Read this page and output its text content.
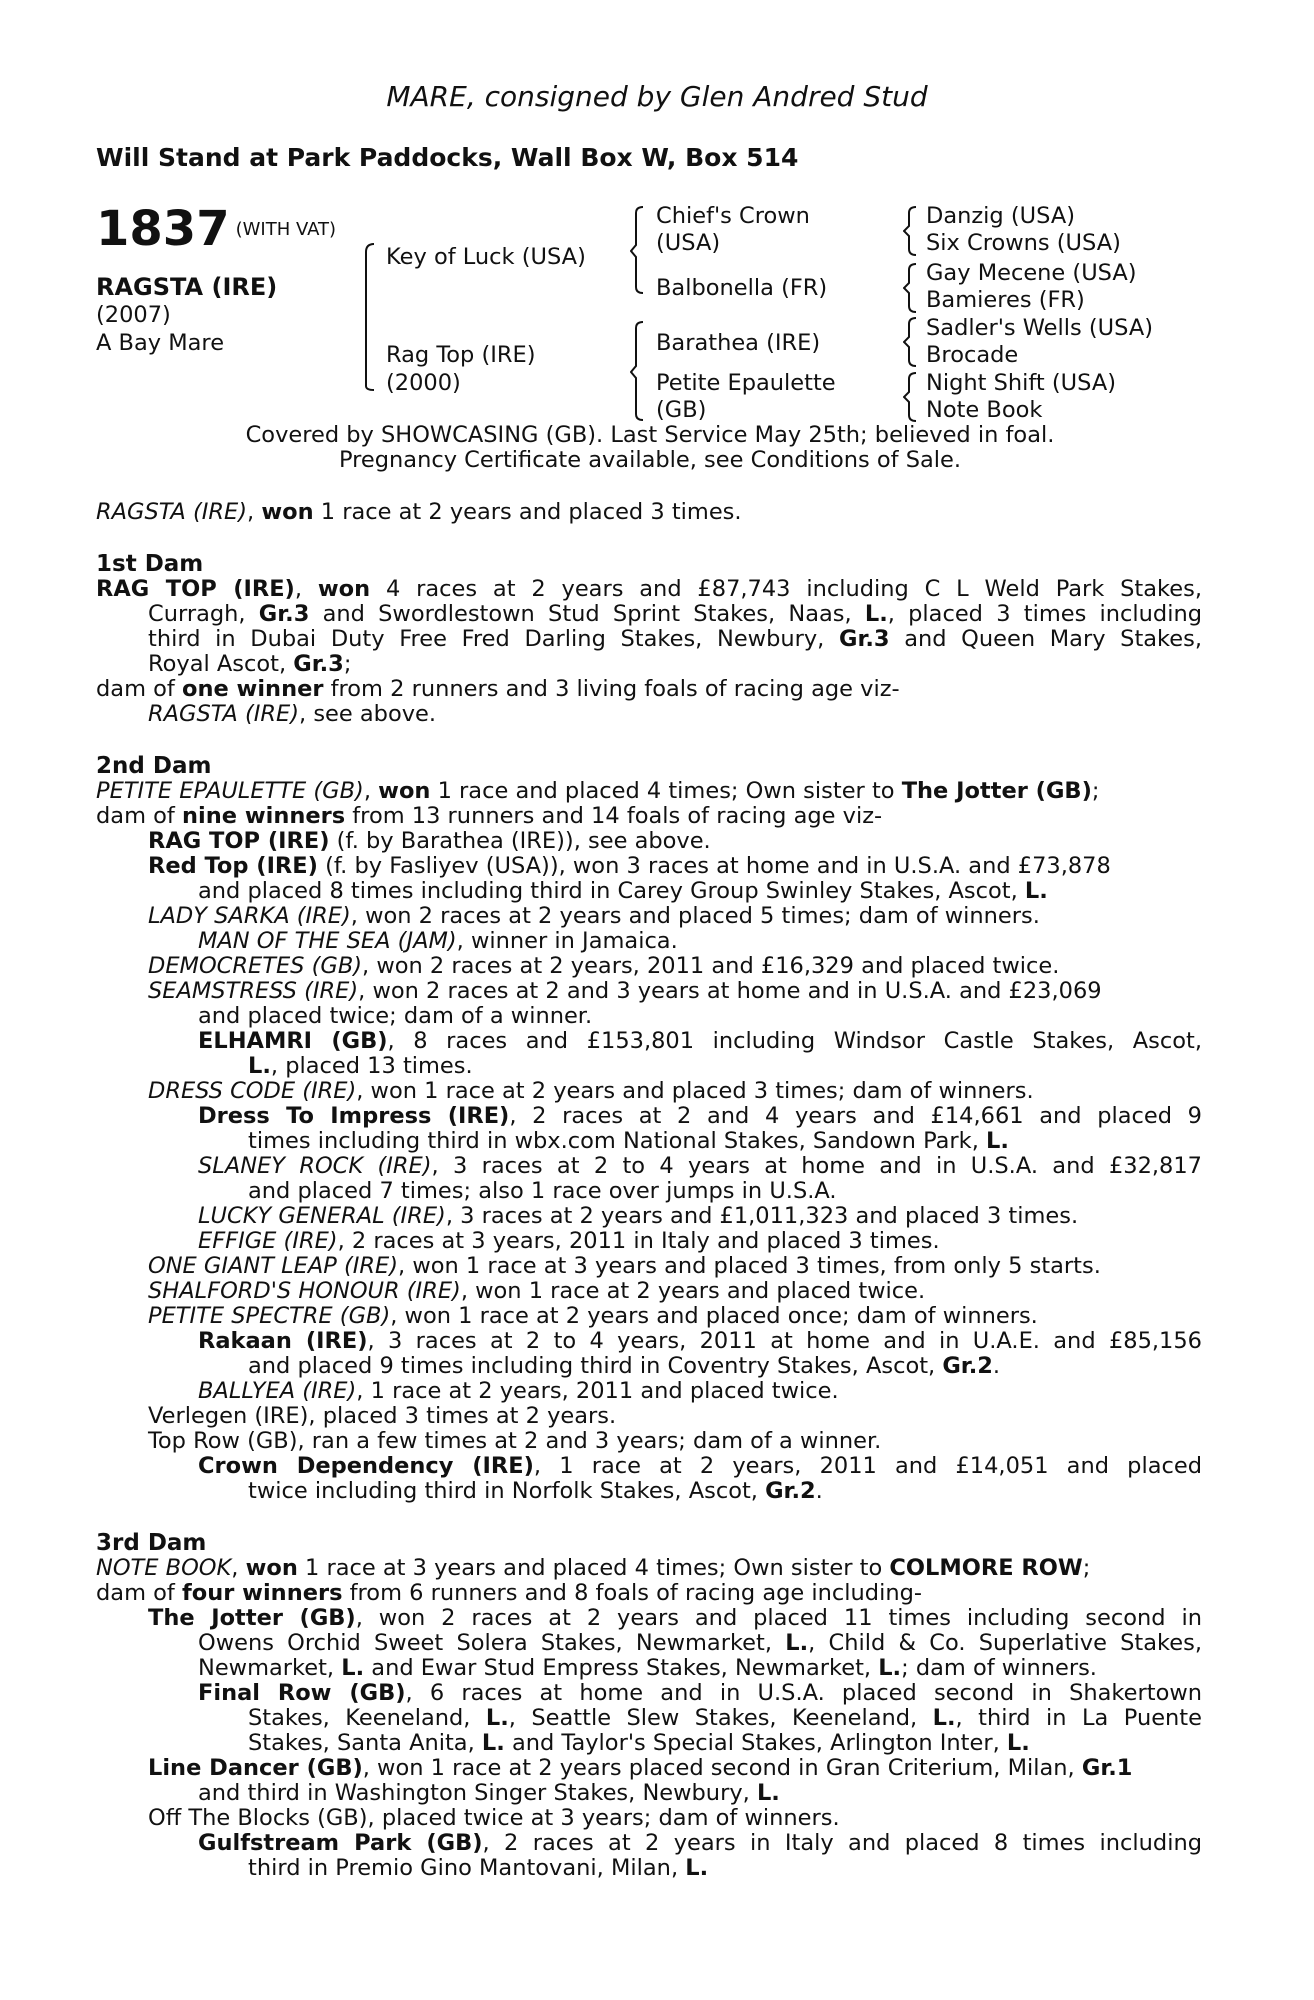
MARE, consigned by Glen Andred Stud
Will Stand at Park Paddocks, Wall Box W, Box 514
1837 $^{(WITH VAT)}$
RAGSTA (IRE)
(2007)
A Bay Mare
Key of Luck (USA)
Rag Top (IRE)
(2000)
Chief's Crown
(USA)
Balbonella (FR)
Barathea (IRE)
Petite Epaulette
(GB)
Danzig (USA)
Six Crowns (USA)
Gay Mecene (USA)
Bamieres (FR)
Sadler's Wells (USA)
Brocade
Night Shift (USA)
Note Book
Covered by SHOWCASING (GB). Last Service May 25th; believed in foal.
Pregnancy Certificate available, see Conditions of Sale.
RAGSTA (IRE), won 1 race at 2 years and placed 3 times.
1st Dam
RAG TOP (IRE), won 4 races at 2 years and £87,743 including C L Weld Park Stakes,
Curragh, Gr.3 and Swordlestown Stud Sprint Stakes, Naas, L., placed 3 times including
third in Dubai Duty Free Fred Darling Stakes, Newbury, Gr.3 and Queen Mary Stakes,
Royal Ascot, Gr.3;
dam of one winner from 2 runners and 3 living foals of racing age viz-
RAGSTA (IRE), see above.
2nd Dam
PETITE EPAULETTE (GB), won 1 race and placed 4 times; Own sister to The Jotter (GB);
dam of nine winners from 13 runners and 14 foals of racing age viz-
RAG TOP (IRE) (f. by Barathea (IRE)), see above.
Red Top (IRE) (f. by Fasliyev (USA)), won 3 races at home and in U.S.A. and £73,878
and placed 8 times including third in Carey Group Swinley Stakes, Ascot, L.
LADY SARKA (IRE), won 2 races at 2 years and placed 5 times; dam of winners.
MAN OF THE SEA (JAM), winner in Jamaica.
DEMOCRETES (GB), won 2 races at 2 years, 2011 and £16,329 and placed twice.
SEAMSTRESS (IRE), won 2 races at 2 and 3 years at home and in U.S.A. and £23,069
and placed twice; dam of a winner.
ELHAMRI (GB), 8 races and £153,801 including Windsor Castle Stakes, Ascot,
L., placed 13 times.
DRESS CODE (IRE), won 1 race at 2 years and placed 3 times; dam of winners.
Dress To Impress (IRE), 2 races at 2 and 4 years and £14,661 and placed 9
times including third in wbx.com National Stakes, Sandown Park, L.
SLANEY ROCK (IRE), 3 races at 2 to 4 years at home and in U.S.A. and £32,817
and placed 7 times; also 1 race over jumps in U.S.A.
LUCKY GENERAL (IRE), 3 races at 2 years and £1,011,323 and placed 3 times.
EFFIGE (IRE), 2 races at 3 years, 2011 in Italy and placed 3 times.
ONE GIANT LEAP (IRE), won 1 race at 3 years and placed 3 times, from only 5 starts.
SHALFORD'S HONOUR (IRE), won 1 race at 2 years and placed twice.
PETITE SPECTRE (GB), won 1 race at 2 years and placed once; dam of winners.
Rakaan (IRE), 3 races at 2 to 4 years, 2011 at home and in U.A.E. and £85,156
and placed 9 times including third in Coventry Stakes, Ascot, Gr.2.
BALLYEA (IRE), 1 race at 2 years, 2011 and placed twice.
Verlegen (IRE), placed 3 times at 2 years.
Top Row (GB), ran a few times at 2 and 3 years; dam of a winner.
Crown Dependency (IRE), 1 race at 2 years, 2011 and £14,051 and placed
twice including third in Norfolk Stakes, Ascot, Gr.2.
3rd Dam
NOTE BOOK, won 1 race at 3 years and placed 4 times; Own sister to COLMORE ROW;
dam of four winners from 6 runners and 8 foals of racing age including-
The Jotter (GB), won 2 races at 2 years and placed 11 times including second in
Owens Orchid Sweet Solera Stakes, Newmarket, L., Child & Co. Superlative Stakes,
Newmarket, L. and Ewar Stud Empress Stakes, Newmarket, L.; dam of winners.
Final Row (GB), 6 races at home and in U.S.A. placed second in Shakertown
Stakes, Keeneland, L., Seattle Slew Stakes, Keeneland, L., third in La Puente
Stakes, Santa Anita, L. and Taylor's Special Stakes, Arlington Inter, L.
Line Dancer (GB), won 1 race at 2 years placed second in Gran Criterium, Milan, Gr.1
and third in Washington Singer Stakes, Newbury, L.
Off The Blocks (GB), placed twice at 3 years; dam of winners.
Gulfstream Park (GB), 2 races at 2 years in Italy and placed 8 times including
third in Premio Gino Mantovani, Milan, L.
